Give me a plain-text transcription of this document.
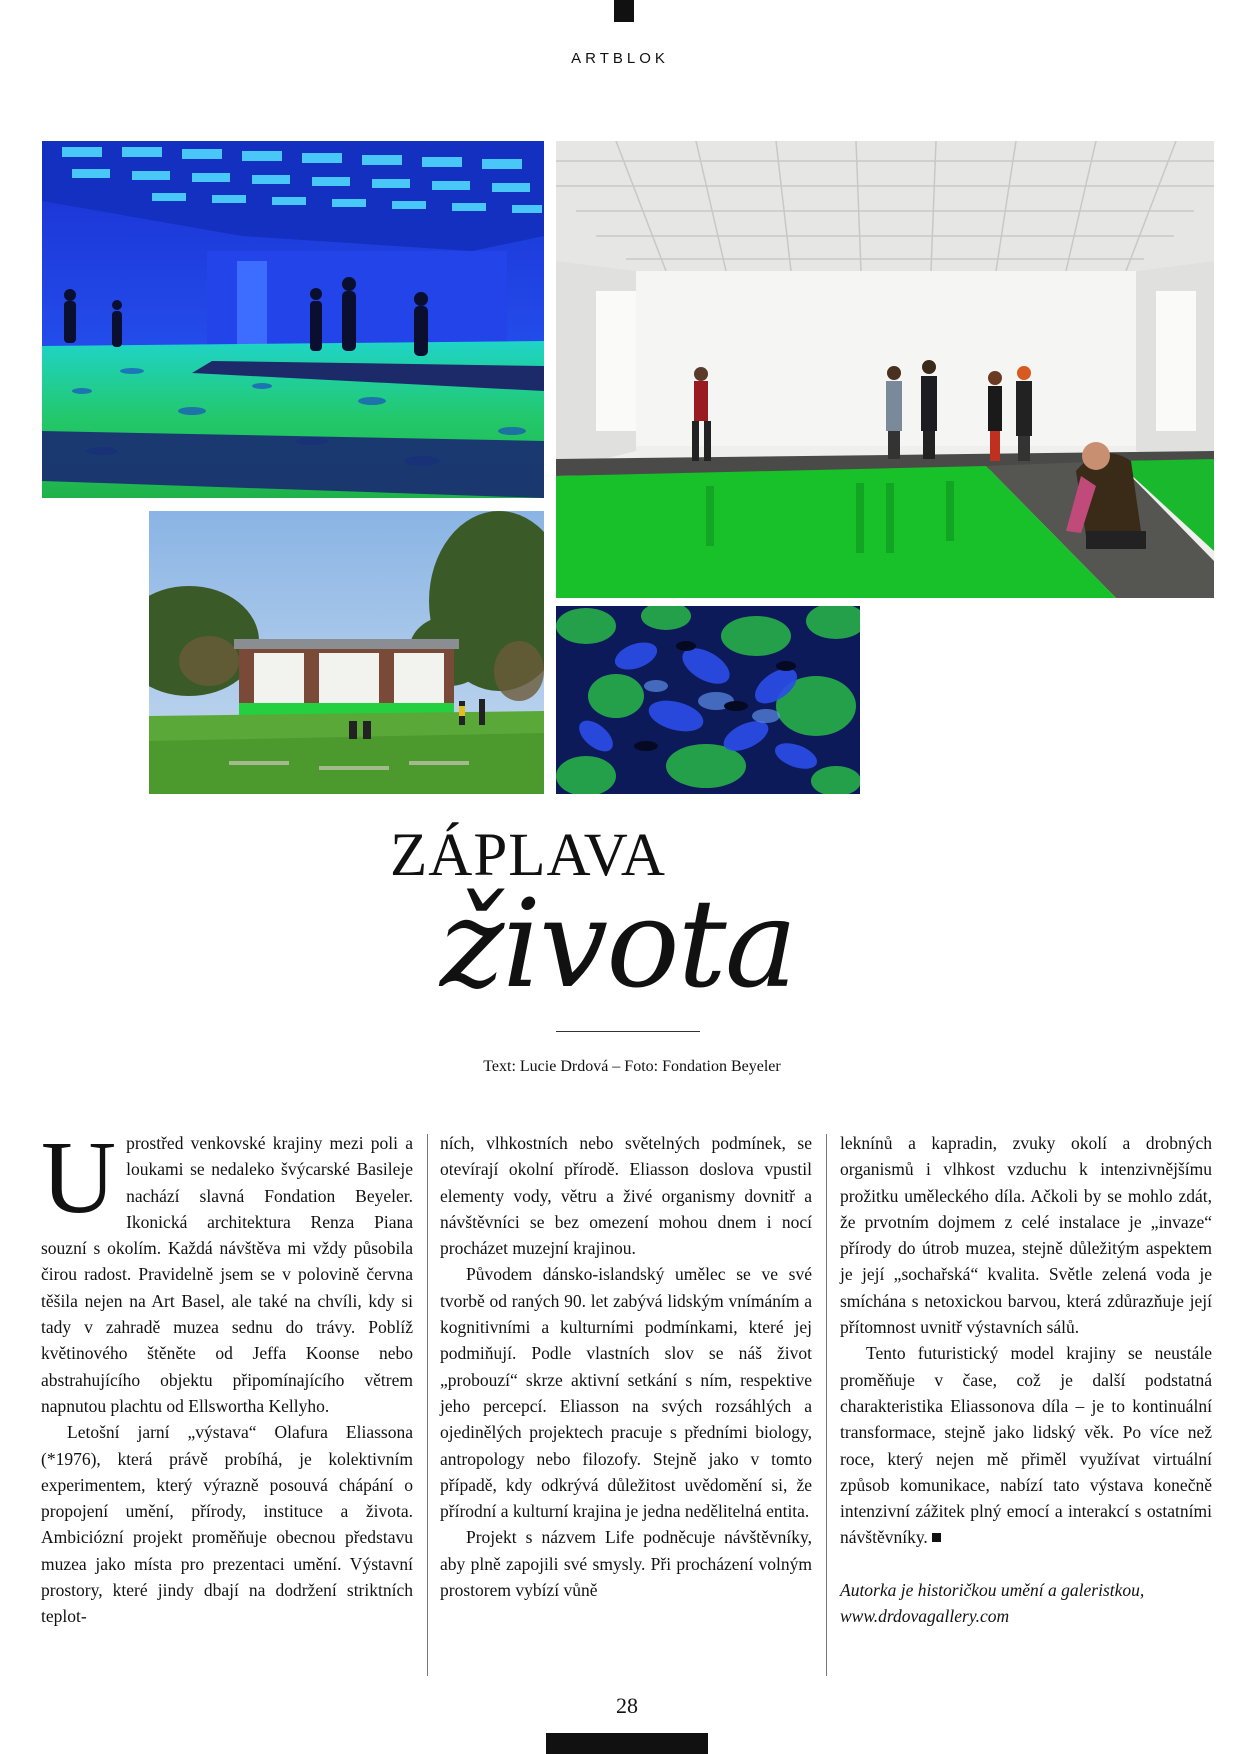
ARTBLOK
ZÁPLAVA
života
Text: Lucie Drdová – Foto: Fondation Beyeler

Uprostřed venkovské krajiny mezi poli a loukami se nedaleko švýcarské Basileje nachází slavná Fondation Beyeler. Ikonická architektura Renza Piana souzní s okolím. Každá návštěva mi vždy působila čirou radost. Pravidelně jsem se v polovině června těšila nejen na Art Basel, ale také na chvíli, kdy si tady v zahradě muzea sednu do trávy. Poblíž květinového štěněte od Jeffa Koonse nebo abstrahujícího objektu připomínajícího větrem napnutou plachtu od Ellswortha Kellyho.

Letošní jarní „výstava“ Olafura Eliassona (*1976), která právě probíhá, je kolektivním experimentem, který výrazně posouvá chápání o propojení umění, přírody, instituce a života. Ambiciózní projekt proměňuje obecnou představu muzea jako místa pro prezentaci umění. Výstavní prostory, které jindy dbají na dodržení striktních teplot-

ních, vlhkostních nebo světelných podmínek, se otevírají okolní přírodě. Eliasson doslova vpustil elementy vody, větru a živé organismy dovnitř a návštěvníci se bez omezení mohou dnem i nocí procházet muzejní krajinou.

Původem dánsko-islandský umělec se ve své tvorbě od raných 90. let zabývá lidským vnímáním a kognitivními a kulturními podmínkami, které jej podmiňují. Podle vlastních slov se náš život „probouzí“ skrze aktivní setkání s ním, respektive jeho percepcí. Eliasson na svých rozsáhlých a ojedinělých projektech pracuje s předními biology, antropology nebo filozofy. Stejně jako v tomto případě, kdy odkrývá důležitost uvědomění si, že přírodní a kulturní krajina je jedna nedělitelná entita.

Projekt s názvem Life podněcuje návštěvníky, aby plně zapojili své smysly. Při procházení volným prostorem vybízí vůně

leknínů a kapradin, zvuky okolí a drobných organismů i vlhkost vzduchu k intenzivnějšímu prožitku uměleckého díla. Ačkoli by se mohlo zdát, že prvotním dojmem z celé instalace je „invaze“ přírody do útrob muzea, stejně důležitým aspektem je její „sochařská“ kvalita. Světle zelená voda je smíchána s netoxickou barvou, která zdůrazňuje její přítomnost uvnitř výstavních sálů.

Tento futuristický model krajiny se neustále proměňuje v čase, což je další podstatná charakteristika Eliassonova díla – je to kontinuální transformace, stejně jako lidský věk. Po více než roce, který nejen mě přiměl využívat virtuální způsob komunikace, nabízí tato výstava konečně intenzivní zážitek plný emocí a interakcí s ostatními návštěvníky.

Autorka je historičkou umění a galeristkou, www.drdovagallery.com

28
